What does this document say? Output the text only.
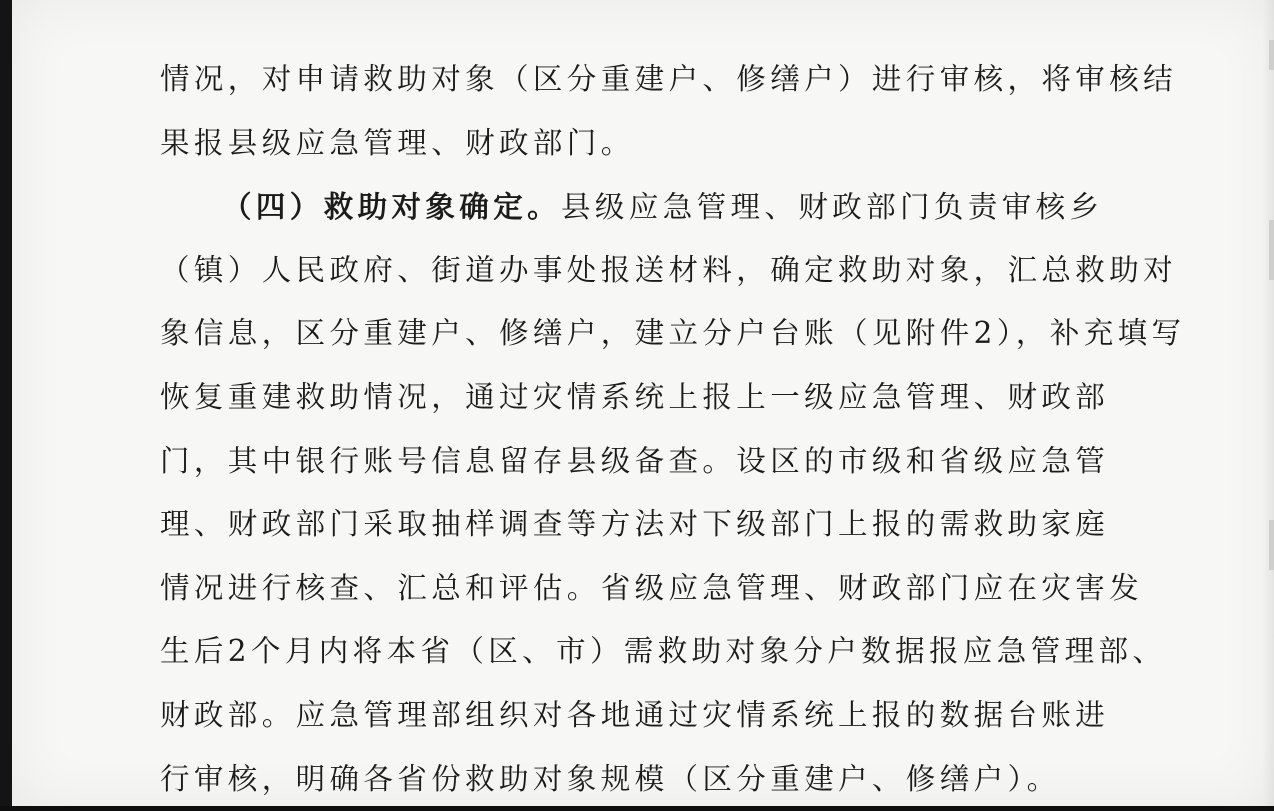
情况，对申请救助对象（区分重建户、修缮户）进行审核，将审核结
果报县级应急管理、财政部门。
（四）救助对象确定。县级应急管理、财政部门负责审核乡
（镇）人民政府、街道办事处报送材料，确定救助对象，汇总救助对
象信息，区分重建户、修缮户，建立分户台账（见附件2），补充填写
恢复重建救助情况，通过灾情系统上报上一级应急管理、财政部
门，其中银行账号信息留存县级备查。设区的市级和省级应急管
理、财政部门采取抽样调查等方法对下级部门上报的需救助家庭
情况进行核查、汇总和评估。省级应急管理、财政部门应在灾害发
生后2个月内将本省（区、市）需救助对象分户数据报应急管理部、
财政部。应急管理部组织对各地通过灾情系统上报的数据台账进
行审核，明确各省份救助对象规模（区分重建户、修缮户）。
